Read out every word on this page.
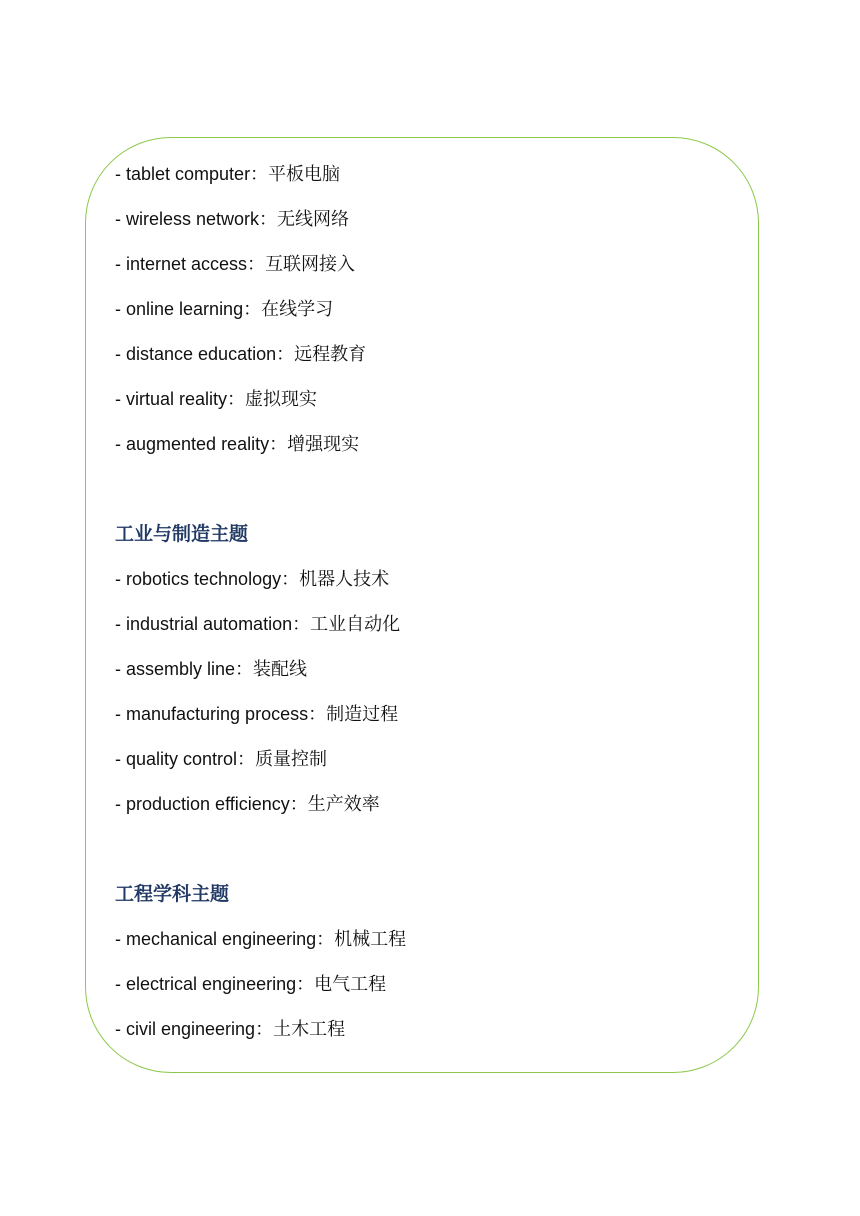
- tablet computer：平板电脑
- wireless network：无线网络
- internet access：互联网接入
- online learning：在线学习
- distance education：远程教育
- virtual reality：虚拟现实
- augmented reality：增强现实
工业与制造主题
- robotics technology：机器人技术
- industrial automation：工业自动化
- assembly line：装配线
- manufacturing process：制造过程
- quality control：质量控制
- production efficiency：生产效率
工程学科主题
- mechanical engineering：机械工程
- electrical engineering：电气工程
- civil engineering：土木工程
